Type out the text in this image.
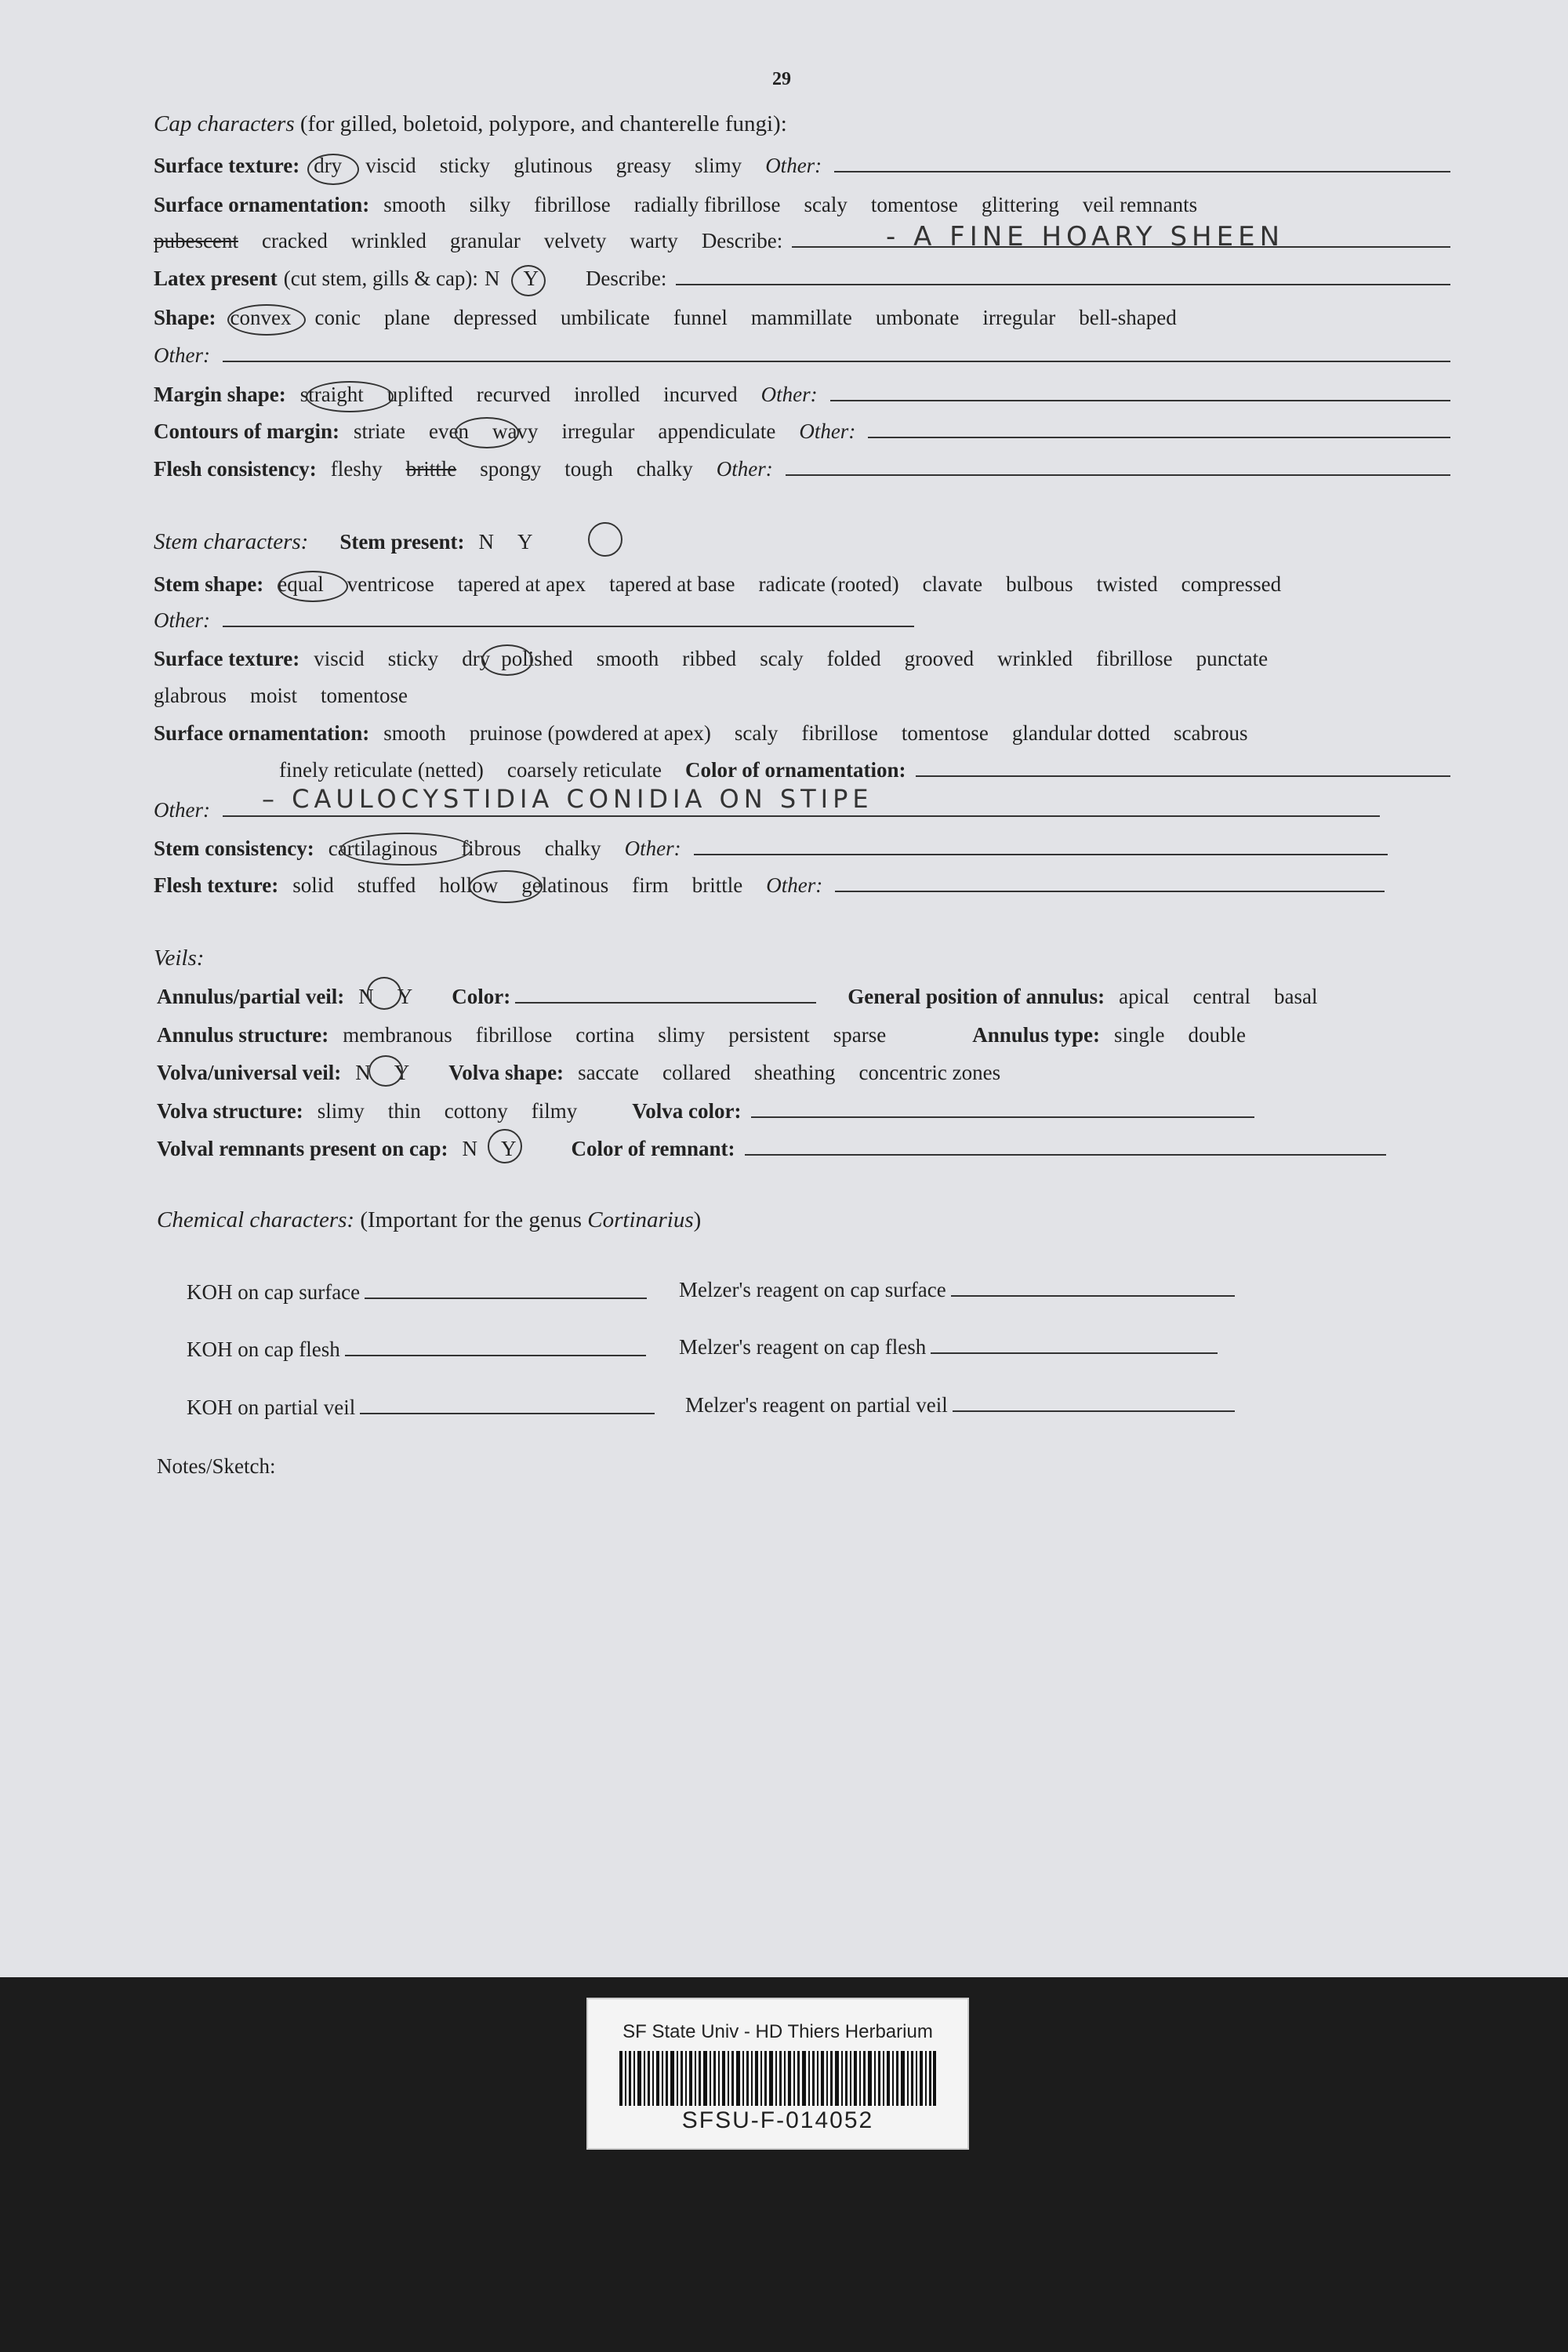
29
Cap characters (for gilled, boletoid, polypore, and chanterelle fungi):
Surface texture: dry viscid sticky glutinous greasy slimy Other:
Surface ornamentation: smooth silky fibrillose radially fibrillose scaly tomentose glittering veil remnants
pubescent cracked wrinkled granular velvety warty Describe:	- A FINE HOARY SHEEN
Latex present (cut stem, gills & cap): N Y Describe:
Shape: convex conic plane depressed umbilicate funnel mammillate umbonate irregular bell-shaped
Other:
Margin shape: straight uplifted recurved inrolled incurved Other:
Contours of margin: striate even wavy irregular appendiculate Other:
Flesh consistency: fleshy brittle spongy tough chalky Other:
Stem characters: Stem present: N Y
Stem shape: equal ventricose tapered at apex tapered at base radicate (rooted) clavate bulbous twisted compressed
Other:
Surface texture: viscid sticky dry polished smooth ribbed scaly folded grooved wrinkled fibrillose punctate
glabrous moist tomentose
Surface ornamentation: smooth pruinose (powdered at apex) scaly fibrillose tomentose glandular dotted scabrous
finely reticulate (netted) coarsely reticulate Color of ornamentation:
Other: – CAULOCYSTIDIA CONIDIA ON STIPE
Stem consistency: cartilaginous fibrous chalky Other:
Flesh texture: solid stuffed hollow gelatinous firm brittle Other:
Veils:
Annulus/partial veil: N Y Color:	General position of annulus: apical central basal
Annulus structure: membranous fibrillose cortina slimy persistent sparse	Annulus type: single double
Volva/universal veil: N Y Volva shape: saccate collared sheathing concentric zones
Volva structure: slimy thin cottony filmy	Volva color:
Volval remnants present on cap: N Y	Color of remnant:
Chemical characters: (Important for the genus Cortinarius)
KOH on cap surface	Melzer's reagent on cap surface
KOH on cap flesh	Melzer's reagent on cap flesh
KOH on partial veil	Melzer's reagent on partial veil
Notes/Sketch:
SF State Univ - HD Thiers Herbarium
SFSU-F-014052
